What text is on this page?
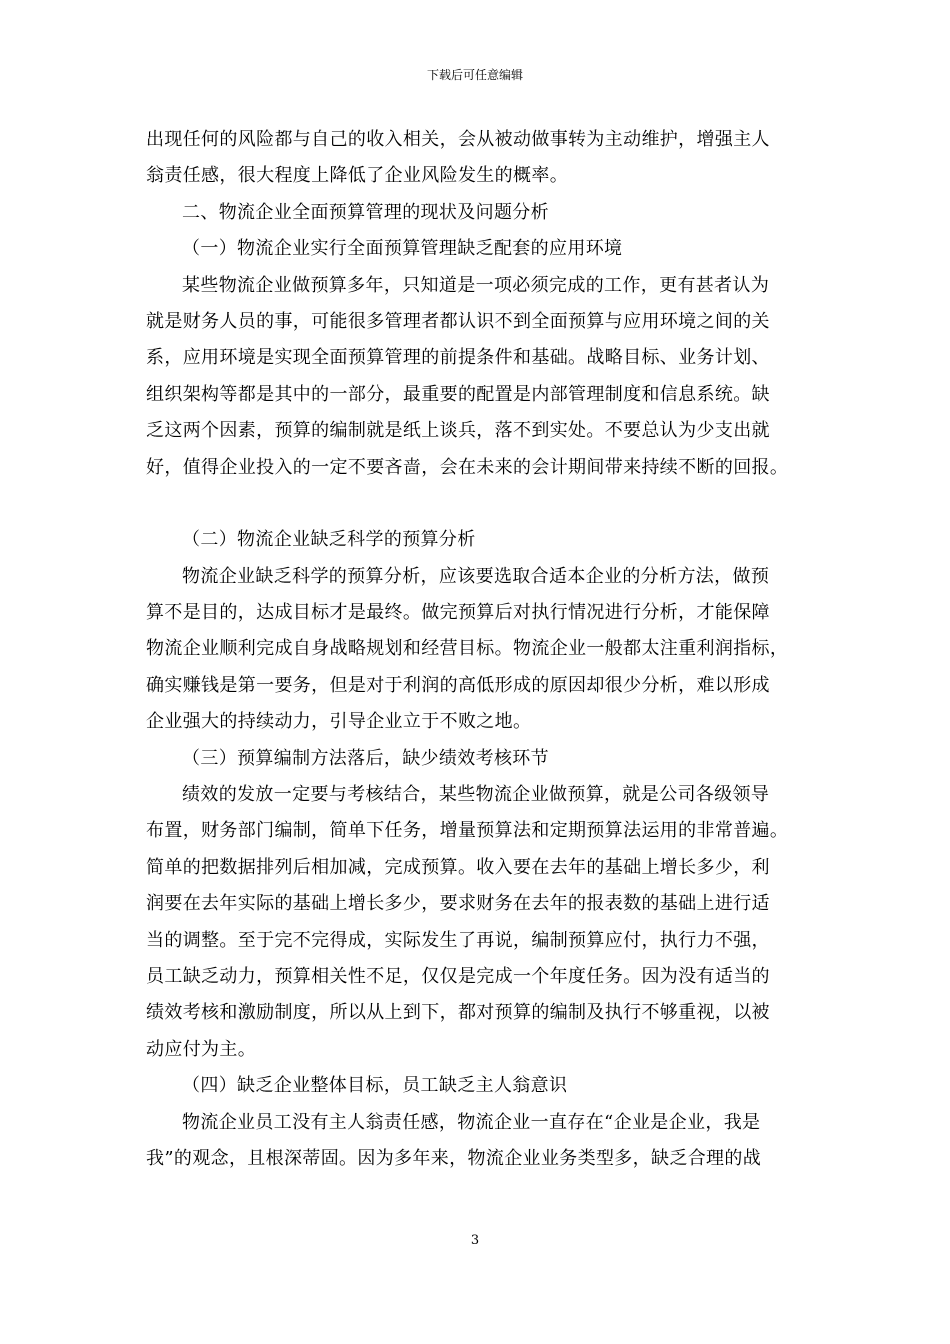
下载后可任意编辑
出现任何的风险都与自己的收入相关，会从被动做事转为主动维护，增强主人
翁责任感，很大程度上降低了企业风险发生的概率。
二、物流企业全面预算管理的现状及问题分析
（一）物流企业实行全面预算管理缺乏配套的应用环境
某些物流企业做预算多年，只知道是一项必须完成的工作，更有甚者认为
就是财务人员的事，可能很多管理者都认识不到全面预算与应用环境之间的关
系，应用环境是实现全面预算管理的前提条件和基础。战略目标、业务计划、
组织架构等都是其中的一部分，最重要的配置是内部管理制度和信息系统。缺
乏这两个因素，预算的编制就是纸上谈兵，落不到实处。不要总认为少支出就
好，值得企业投入的一定不要吝啬，会在未来的会计期间带来持续不断的回报。
（二）物流企业缺乏科学的预算分析
物流企业缺乏科学的预算分析，应该要选取合适本企业的分析方法，做预
算不是目的，达成目标才是最终。做完预算后对执行情况进行分析，才能保障
物流企业顺利完成自身战略规划和经营目标。物流企业一般都太注重利润指标，
确实赚钱是第一要务，但是对于利润的高低形成的原因却很少分析，难以形成
企业强大的持续动力，引导企业立于不败之地。
（三）预算编制方法落后，缺少绩效考核环节
绩效的发放一定要与考核结合，某些物流企业做预算，就是公司各级领导
布置，财务部门编制，简单下任务，增量预算法和定期预算法运用的非常普遍。
简单的把数据排列后相加减，完成预算。收入要在去年的基础上增长多少，利
润要在去年实际的基础上增长多少，要求财务在去年的报表数的基础上进行适
当的调整。至于完不完得成，实际发生了再说，编制预算应付，执行力不强，
员工缺乏动力，预算相关性不足，仅仅是完成一个年度任务。因为没有适当的
绩效考核和激励制度，所以从上到下，都对预算的编制及执行不够重视，以被
动应付为主。
（四）缺乏企业整体目标，员工缺乏主人翁意识
物流企业员工没有主人翁责任感，物流企业一直存在“企业是企业，我是
我”的观念，且根深蒂固。因为多年来，物流企业业务类型多，缺乏合理的战
3
